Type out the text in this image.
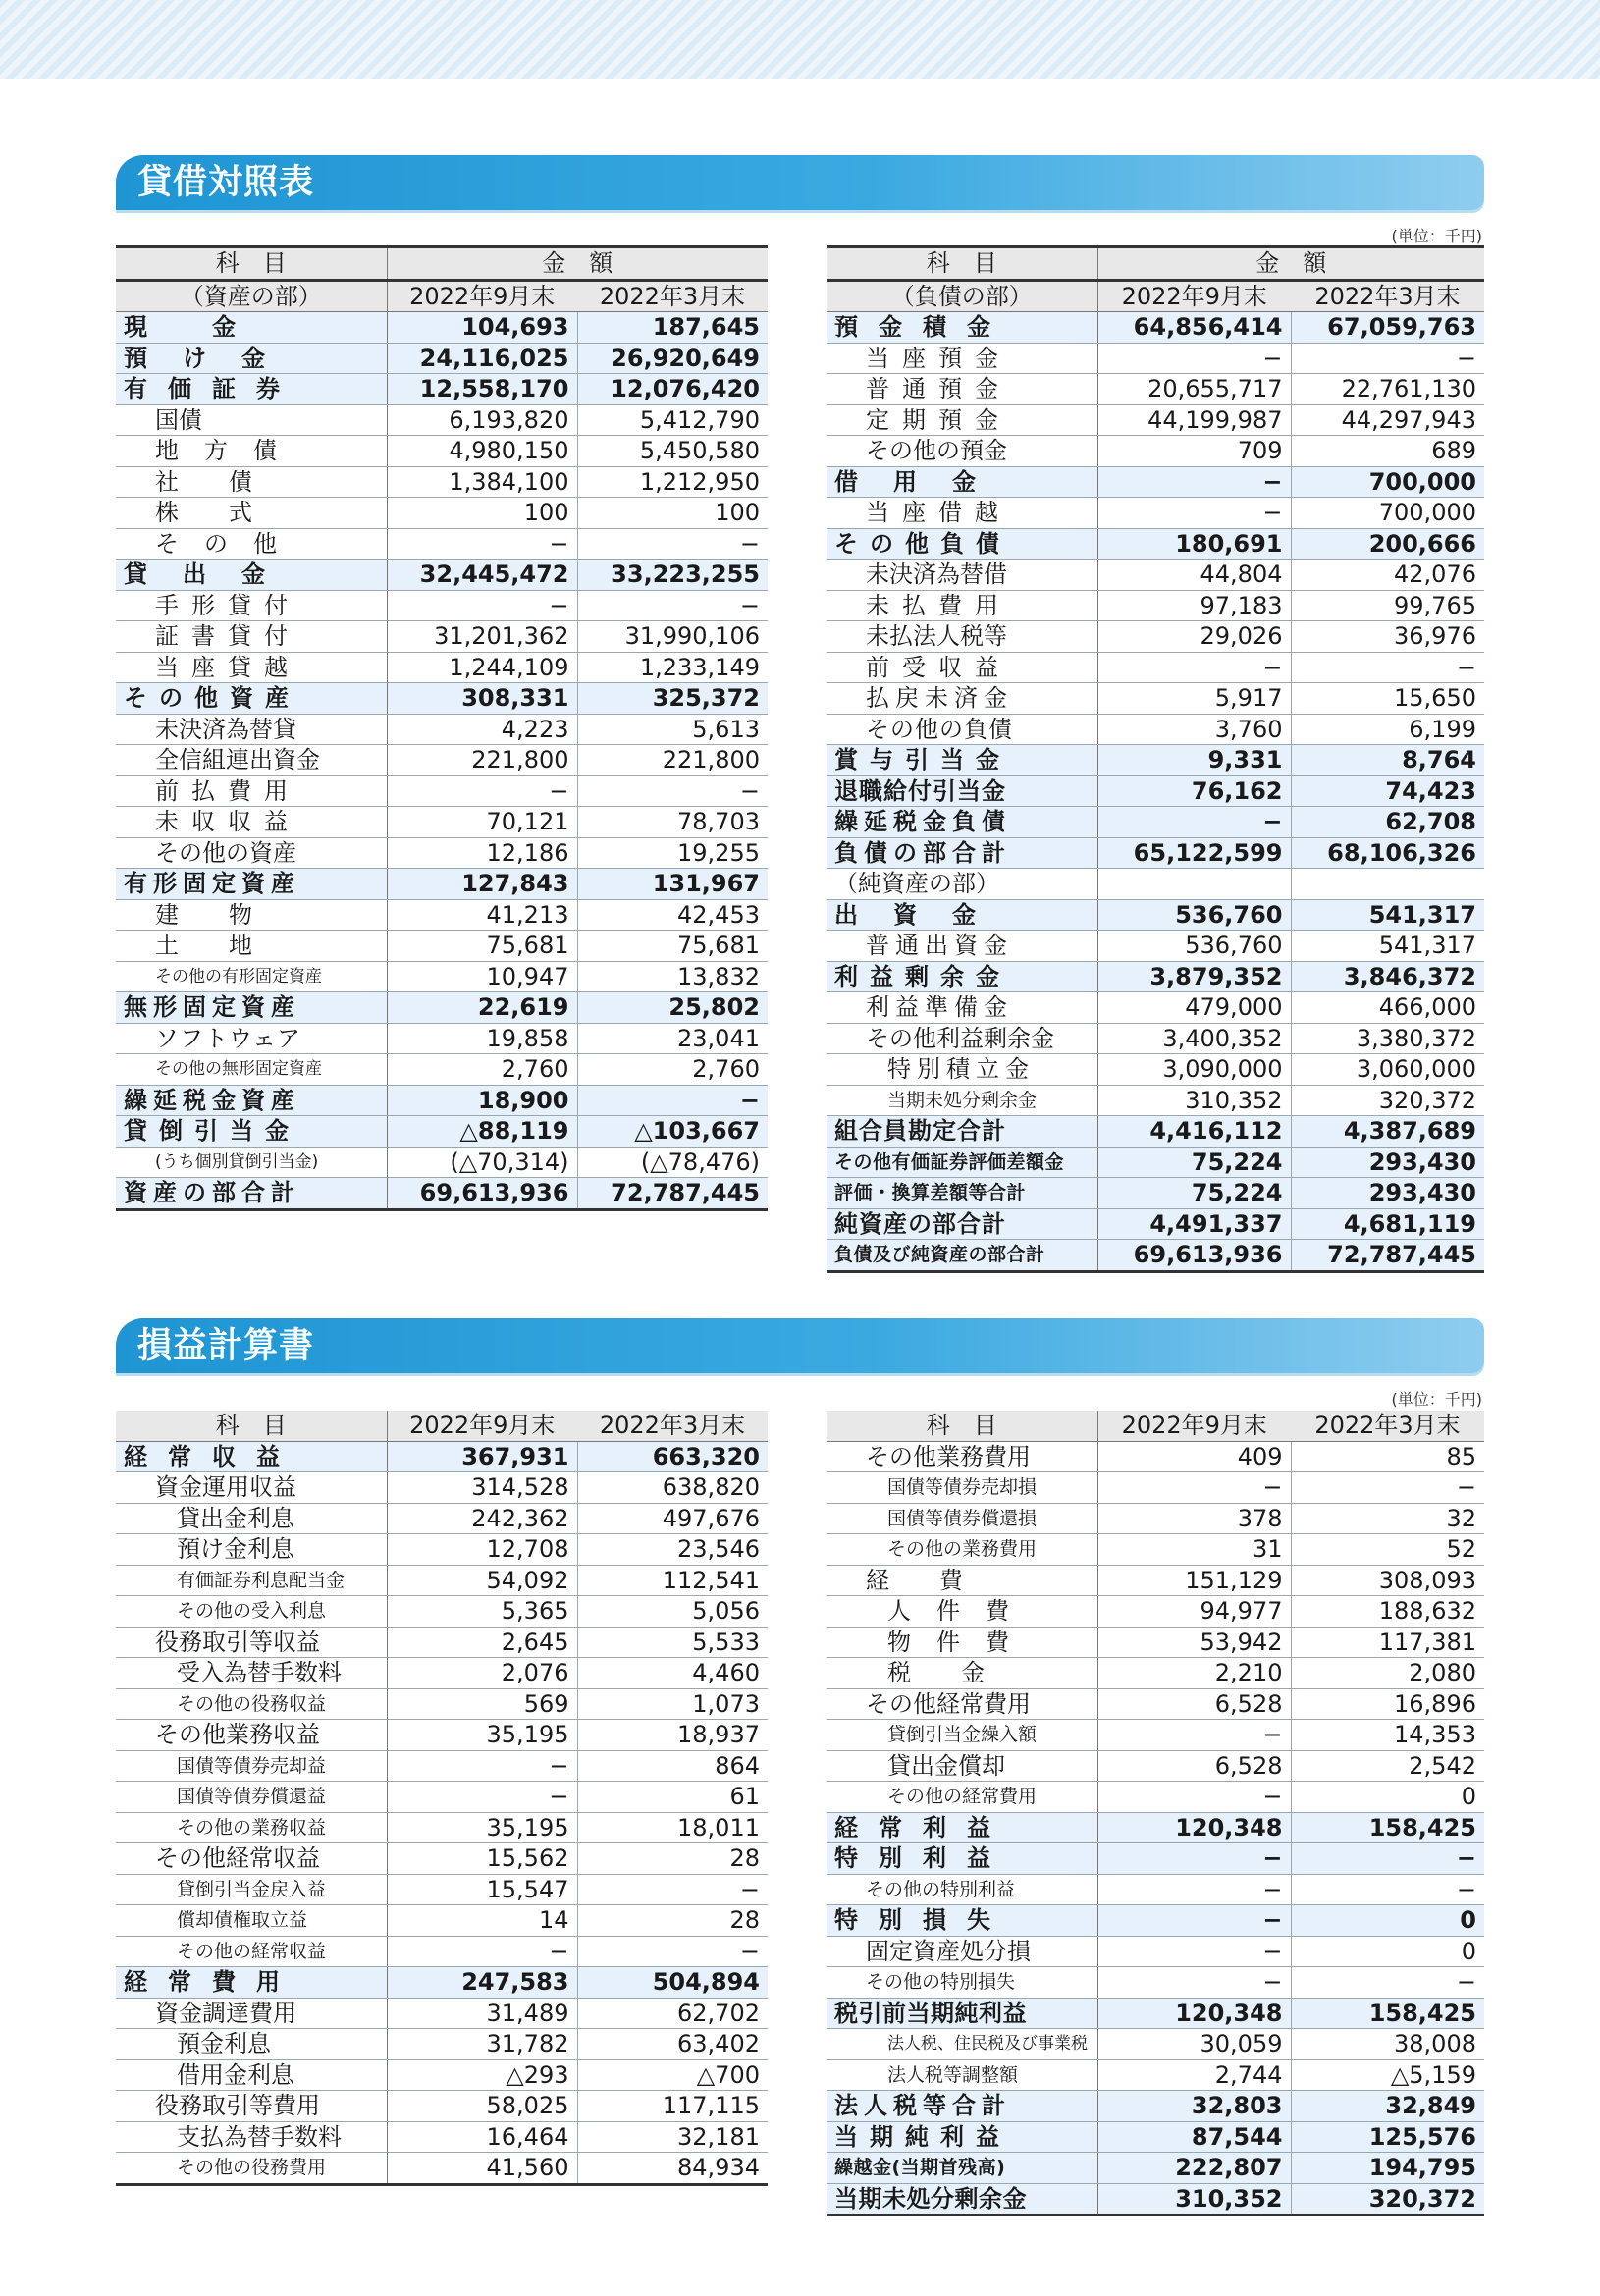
貸借対照表
(単位：千円)
科　目	金　額	
（資産の部）	2022年9月末	2022年3月末
現金	104,693	187,645
預け金	24,116,025	26,920,649
有価証券	12,558,170	12,076,420
国債	6,193,820	5,412,790
地方債	4,980,150	5,450,580
社債	1,384,100	1,212,950
株式	100	100
その他	−	−
貸出金	32,445,472	33,223,255
手形貸付	−	−
証書貸付	31,201,362	31,990,106
当座貸越	1,244,109	1,233,149
その他資産	308,331	325,372
未決済為替貸	4,223	5,613
全信組連出資金	221,800	221,800
前払費用	−	−
未収収益	70,121	78,703
その他の資産	12,186	19,255
有形固定資産	127,843	131,967
建物	41,213	42,453
土地	75,681	75,681
その他の有形固定資産	10,947	13,832
無形固定資産	22,619	25,802
ソフトウェア	19,858	23,041
その他の無形固定資産	2,760	2,760
繰延税金資産	18,900	−
貸倒引当金	△88,119	△103,667
(うち個別貸倒引当金)	(△70,314)	(△78,476)
資産の部合計	69,613,936	72,787,445
科　目	金　額	
（負債の部）	2022年9月末	2022年3月末
預金積金	64,856,414	67,059,763
当座預金	−	−
普通預金	20,655,717	22,761,130
定期預金	44,199,987	44,297,943
その他の預金	709	689
借用金	−	700,000
当座借越	−	700,000
その他負債	180,691	200,666
未決済為替借	44,804	42,076
未払費用	97,183	99,765
未払法人税等	29,026	36,976
前受収益	−	−
払戻未済金	5,917	15,650
その他の負債	3,760	6,199
賞与引当金	9,331	8,764
退職給付引当金	76,162	74,423
繰延税金負債	−	62,708
負債の部合計	65,122,599	68,106,326
（純資産の部）		
出資金	536,760	541,317
普通出資金	536,760	541,317
利益剰余金	3,879,352	3,846,372
利益準備金	479,000	466,000
その他利益剰余金	3,400,352	3,380,372
特別積立金	3,090,000	3,060,000
当期未処分剰余金	310,352	320,372
組合員勘定合計	4,416,112	4,387,689
その他有価証券評価差額金	75,224	293,430
評価・換算差額等合計	75,224	293,430
純資産の部合計	4,491,337	4,681,119
負債及び純資産の部合計	69,613,936	72,787,445
損益計算書
(単位：千円)
科　目	2022年9月末	2022年3月末
経常収益	367,931	663,320
資金運用収益	314,528	638,820
貸出金利息	242,362	497,676
預け金利息	12,708	23,546
有価証券利息配当金	54,092	112,541
その他の受入利息	5,365	5,056
役務取引等収益	2,645	5,533
受入為替手数料	2,076	4,460
その他の役務収益	569	1,073
その他業務収益	35,195	18,937
国債等債券売却益	−	864
国債等債券償還益	−	61
その他の業務収益	35,195	18,011
その他経常収益	15,562	28
貸倒引当金戻入益	15,547	−
償却債権取立益	14	28
その他の経常収益	−	−
経常費用	247,583	504,894
資金調達費用	31,489	62,702
預金利息	31,782	63,402
借用金利息	△293	△700
役務取引等費用	58,025	117,115
支払為替手数料	16,464	32,181
その他の役務費用	41,560	84,934
科　目	2022年9月末	2022年3月末
その他業務費用	409	85
国債等債券売却損	−	−
国債等債券償還損	378	32
その他の業務費用	31	52
経費	151,129	308,093
人件費	94,977	188,632
物件費	53,942	117,381
税金	2,210	2,080
その他経常費用	6,528	16,896
貸倒引当金繰入額	−	14,353
貸出金償却	6,528	2,542
その他の経常費用	−	0
経常利益	120,348	158,425
特別利益	−	−
その他の特別利益	−	−
特別損失	−	0
固定資産処分損	−	0
その他の特別損失	−	−
税引前当期純利益	120,348	158,425
法人税、住民税及び事業税	30,059	38,008
法人税等調整額	2,744	△5,159
法人税等合計	32,803	32,849
当期純利益	87,544	125,576
繰越金(当期首残高)	222,807	194,795
当期未処分剰余金	310,352	320,372
